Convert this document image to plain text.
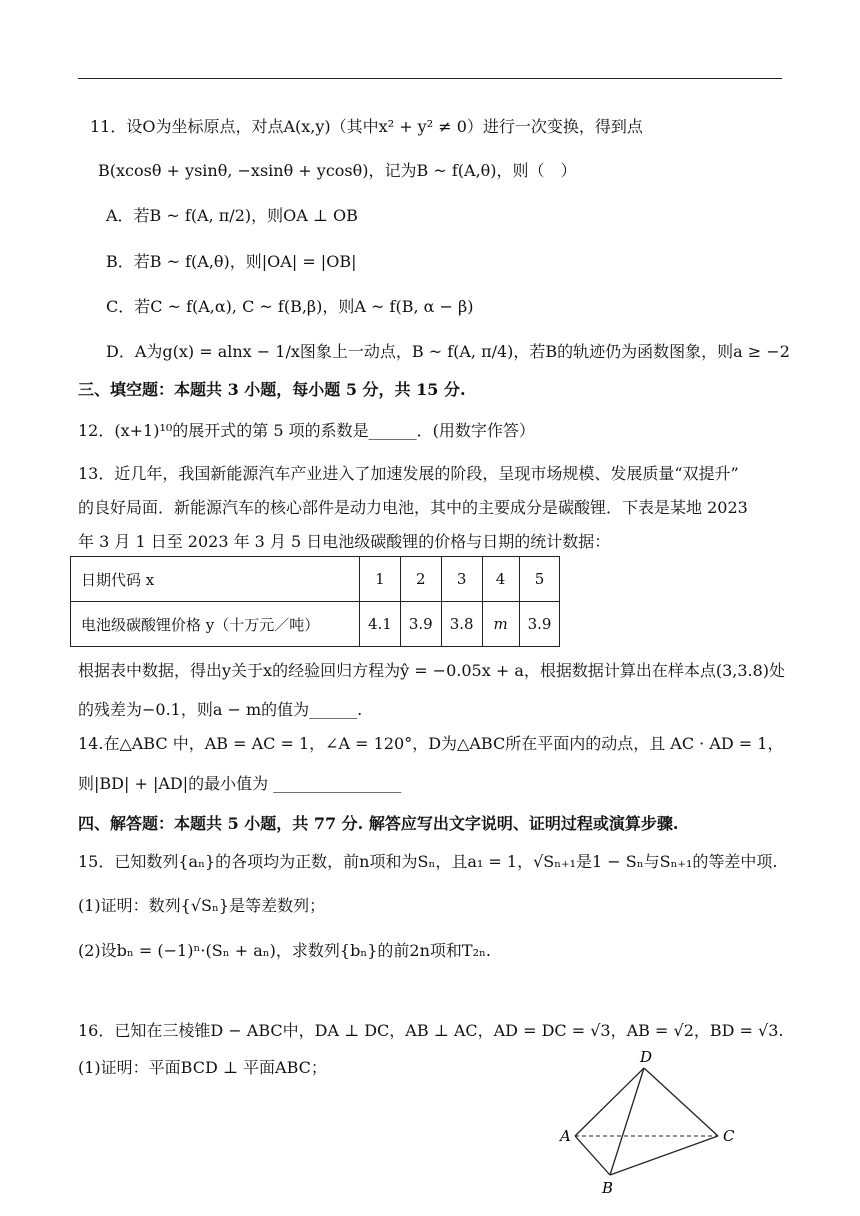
11．设O为坐标原点，对点A(x,y)（其中x² + y² ≠ 0）进行一次变换，得到点
B(xcosθ + ysinθ, −xsinθ + ycosθ)，记为B ~ f(A,θ)，则（　）
A．若B ~ f(A, π/2)，则OA ⊥ OB
B．若B ~ f(A,θ)，则|OA| = |OB|
C．若C ~ f(A,α), C ~ f(B,β)，则A ~ f(B, α − β)
D．A为g(x) = alnx − 1/x图象上一动点，B ~ f(A, π/4)，若B的轨迹仍为函数图象，则a ≥ −2
三、填空题：本题共 3 小题，每小题 5 分，共 15 分.
12．(x+1)¹⁰的展开式的第 5 项的系数是______．(用数字作答）
13．近几年，我国新能源汽车产业进入了加速发展的阶段，呈现市场规模、发展质量“双提升”
的良好局面．新能源汽车的核心部件是动力电池，其中的主要成分是碳酸锂．下表是某地 2023
年 3 月 1 日至 2023 年 3 月 5 日电池级碳酸锂的价格与日期的统计数据：
日期代码 x	1	2	3	4	5
电池级碳酸锂价格 y（十万元／吨）	4.1	3.9	3.8	m	3.9
根据表中数据，得出y关于x的经验回归方程为ŷ = −0.05x + a，根据数据计算出在样本点(3,3.8)处
的残差为−0.1，则a − m的值为______.
14.在△ABC 中，AB = AC = 1，∠A = 120°，D为△ABC所在平面内的动点，且 AC · AD = 1，
则|BD| + |AD|的最小值为 ________________
四、解答题：本题共 5 小题，共 77 分. 解答应写出文字说明、证明过程或演算步骤.
15．已知数列{aₙ}的各项均为正数，前n项和为Sₙ，且a₁ = 1，√Sₙ₊₁是1 − Sₙ与Sₙ₊₁的等差中项.
(1)证明：数列{√Sₙ}是等差数列；
(2)设bₙ = (−1)ⁿ·(Sₙ + aₙ)，求数列{bₙ}的前2n项和T₂ₙ.
16．已知在三棱锥D − ABC中，DA ⊥ DC，AB ⊥ AC，AD = DC = √3，AB = √2，BD = √3.
(1)证明：平面BCD ⊥ 平面ABC；
D
A	C
B
